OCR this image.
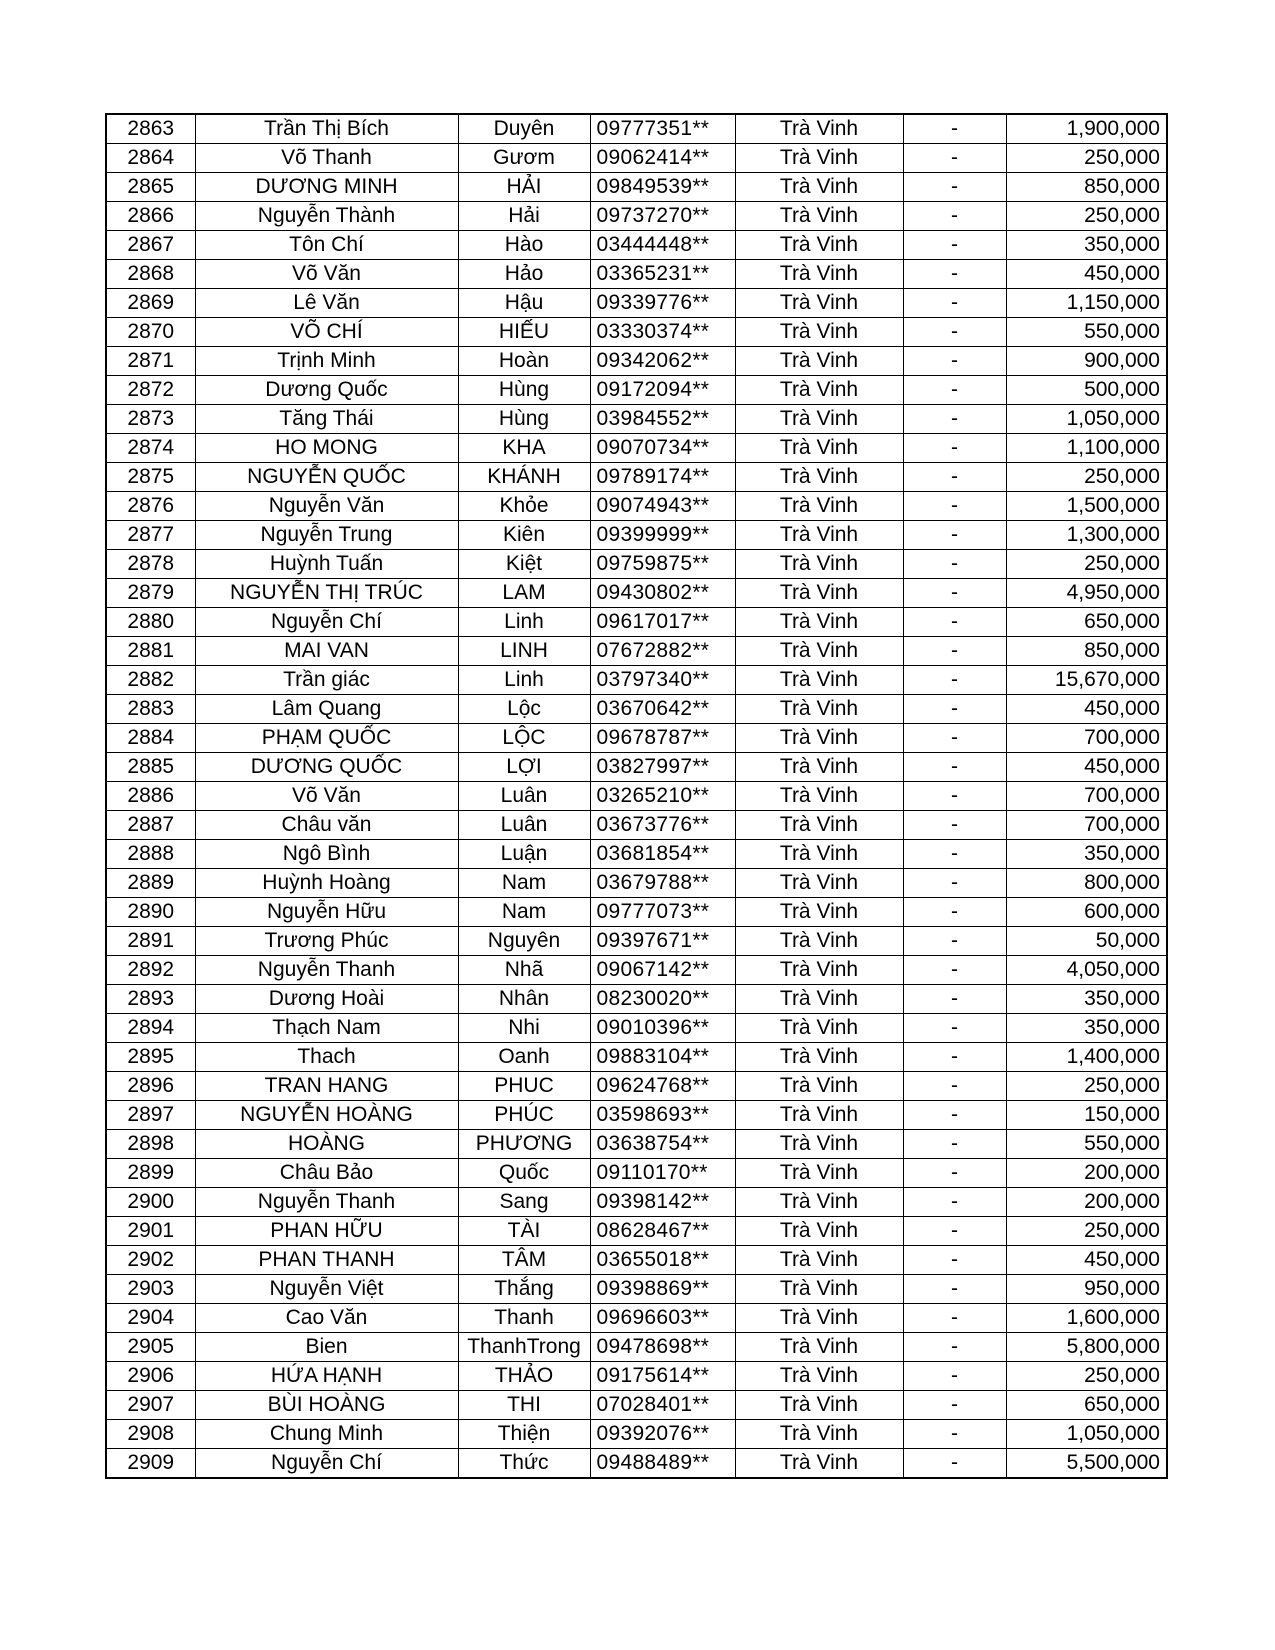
2863	Trần Thị Bích	Duyên	09777351**	Trà Vinh	-	1,900,000
2864	Võ Thanh	Gươm	09062414**	Trà Vinh	-	250,000
2865	DƯƠNG MINH	HẢI	09849539**	Trà Vinh	-	850,000
2866	Nguyễn Thành	Hải	09737270**	Trà Vinh	-	250,000
2867	Tôn Chí	Hào	03444448**	Trà Vinh	-	350,000
2868	Võ Văn	Hảo	03365231**	Trà Vinh	-	450,000
2869	Lê Văn	Hậu	09339776**	Trà Vinh	-	1,150,000
2870	VÕ CHÍ	HIẾU	03330374**	Trà Vinh	-	550,000
2871	Trịnh Minh	Hoàn	09342062**	Trà Vinh	-	900,000
2872	Dương Quốc	Hùng	09172094**	Trà Vinh	-	500,000
2873	Tăng Thái	Hùng	03984552**	Trà Vinh	-	1,050,000
2874	HO MONG	KHA	09070734**	Trà Vinh	-	1,100,000
2875	NGUYỄN QUỐC	KHÁNH	09789174**	Trà Vinh	-	250,000
2876	Nguyễn Văn	Khỏe	09074943**	Trà Vinh	-	1,500,000
2877	Nguyễn Trung	Kiên	09399999**	Trà Vinh	-	1,300,000
2878	Huỳnh Tuấn	Kiệt	09759875**	Trà Vinh	-	250,000
2879	NGUYỄN THỊ TRÚC	LAM	09430802**	Trà Vinh	-	4,950,000
2880	Nguyễn Chí	Linh	09617017**	Trà Vinh	-	650,000
2881	MAI VAN	LINH	07672882**	Trà Vinh	-	850,000
2882	Trần giác	Linh	03797340**	Trà Vinh	-	15,670,000
2883	Lâm Quang	Lộc	03670642**	Trà Vinh	-	450,000
2884	PHẠM QUỐC	LỘC	09678787**	Trà Vinh	-	700,000
2885	DƯƠNG QUỐC	LỢI	03827997**	Trà Vinh	-	450,000
2886	Võ Văn	Luân	03265210**	Trà Vinh	-	700,000
2887	Châu văn	Luân	03673776**	Trà Vinh	-	700,000
2888	Ngô Bình	Luận	03681854**	Trà Vinh	-	350,000
2889	Huỳnh Hoàng	Nam	03679788**	Trà Vinh	-	800,000
2890	Nguyễn Hữu	Nam	09777073**	Trà Vinh	-	600,000
2891	Trương Phúc	Nguyên	09397671**	Trà Vinh	-	50,000
2892	Nguyễn Thanh	Nhã	09067142**	Trà Vinh	-	4,050,000
2893	Dương Hoài	Nhân	08230020**	Trà Vinh	-	350,000
2894	Thạch Nam	Nhi	09010396**	Trà Vinh	-	350,000
2895	Thach	Oanh	09883104**	Trà Vinh	-	1,400,000
2896	TRAN HANG	PHUC	09624768**	Trà Vinh	-	250,000
2897	NGUYỄN HOÀNG	PHÚC	03598693**	Trà Vinh	-	150,000
2898	HOÀNG	PHƯƠNG	03638754**	Trà Vinh	-	550,000
2899	Châu Bảo	Quốc	09110170**	Trà Vinh	-	200,000
2900	Nguyễn Thanh	Sang	09398142**	Trà Vinh	-	200,000
2901	PHAN HỮU	TÀI	08628467**	Trà Vinh	-	250,000
2902	PHAN THANH	TÂM	03655018**	Trà Vinh	-	450,000
2903	Nguyễn Việt	Thắng	09398869**	Trà Vinh	-	950,000
2904	Cao Văn	Thanh	09696603**	Trà Vinh	-	1,600,000
2905	Bien	ThanhTrong	09478698**	Trà Vinh	-	5,800,000
2906	HỨA HẠNH	THẢO	09175614**	Trà Vinh	-	250,000
2907	BÙI HOÀNG	THI	07028401**	Trà Vinh	-	650,000
2908	Chung Minh	Thiện	09392076**	Trà Vinh	-	1,050,000
2909	Nguyễn Chí	Thức	09488489**	Trà Vinh	-	5,500,000
